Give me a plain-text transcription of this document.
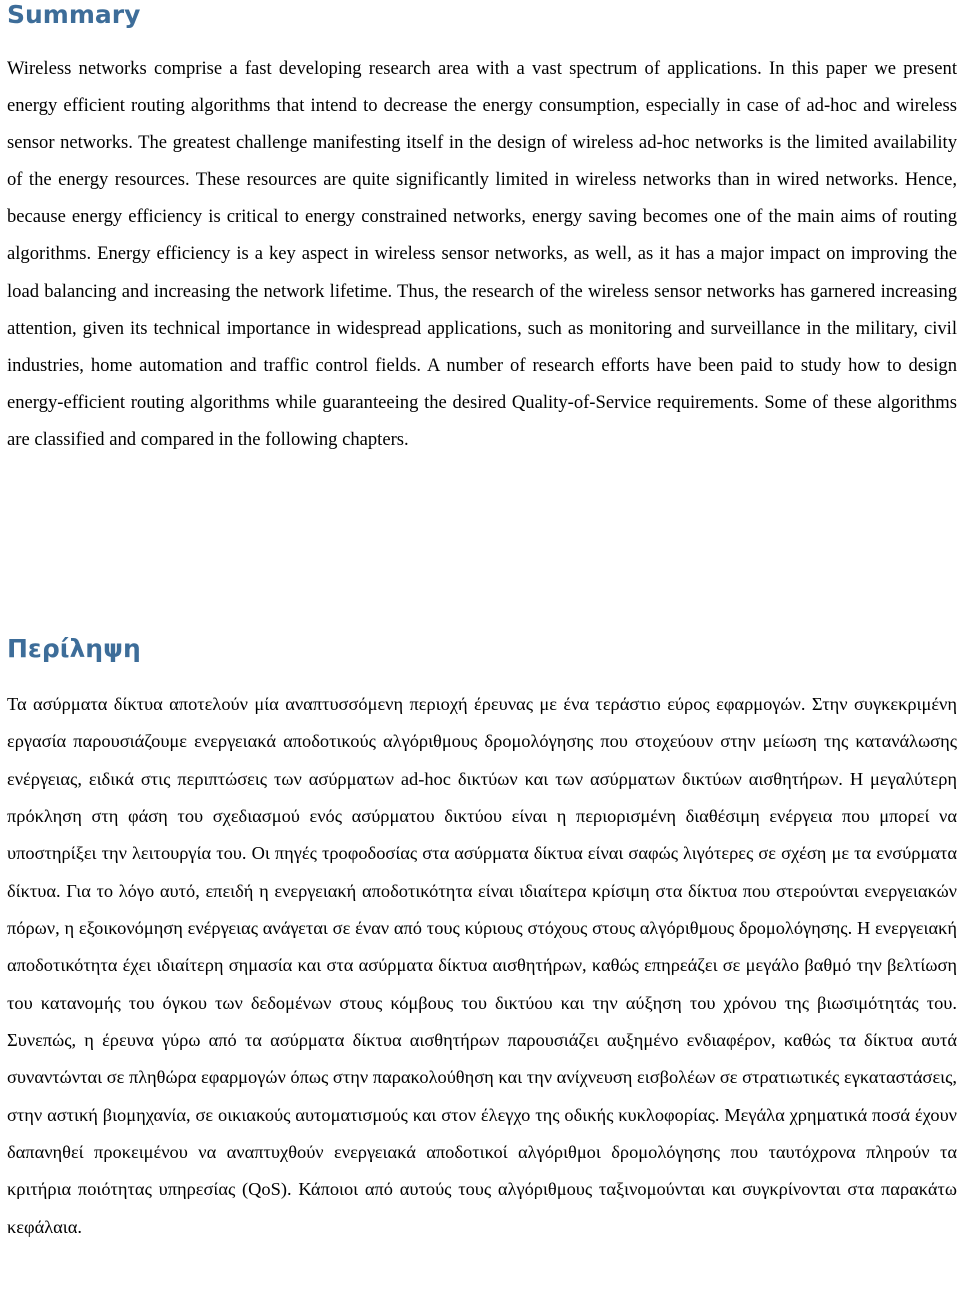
Summary

Wireless networks comprise a fast developing research area with a vast spectrum of applications. In this paper we present energy efficient routing algorithms that intend to decrease the energy consumption, especially in case of ad-hoc and wireless sensor networks. The greatest challenge manifesting itself in the design of wireless ad-hoc networks is the limited availability of the energy resources. These resources are quite significantly limited in wireless networks than in wired networks. Hence, because energy efficiency is critical to energy constrained networks, energy saving becomes one of the main aims of routing algorithms. Energy efficiency is a key aspect in wireless sensor networks, as well, as it has a major impact on improving the load balancing and increasing the network lifetime. Thus, the research of the wireless sensor networks has garnered increasing attention, given its technical importance in widespread applications, such as monitoring and surveillance in the military, civil industries, home automation and traffic control fields. A number of research efforts have been paid to study how to design energy-efficient routing algorithms while guaranteeing the desired Quality-of-Service requirements. Some of these algorithms are classified and compared in the following chapters.

Περίληψη

Τα ασύρματα δίκτυα αποτελούν μία αναπτυσσόμενη περιοχή έρευνας με ένα τεράστιο εύρος εφαρμογών. Στην συγκεκριμένη εργασία παρουσιάζουμε ενεργειακά αποδοτικούς αλγόριθμους δρομολόγησης που στοχεύουν στην μείωση της κατανάλωσης ενέργειας, ειδικά στις περιπτώσεις των ασύρματων ad-hoc δικτύων και των ασύρματων δικτύων αισθητήρων. Η μεγαλύτερη πρόκληση στη φάση του σχεδιασμού ενός ασύρματου δικτύου είναι η περιορισμένη διαθέσιμη ενέργεια που μπορεί να υποστηρίξει την λειτουργία του. Οι πηγές τροφοδοσίας στα ασύρματα δίκτυα είναι σαφώς λιγότερες σε σχέση με τα ενσύρματα δίκτυα. Για το λόγο αυτό, επειδή η ενεργειακή αποδοτικότητα είναι ιδιαίτερα κρίσιμη στα δίκτυα που στερούνται ενεργειακών πόρων, η εξοικονόμηση ενέργειας ανάγεται σε έναν από τους κύριους στόχους στους αλγόριθμους δρομολόγησης. Η ενεργειακή αποδοτικότητα έχει ιδιαίτερη σημασία και στα ασύρματα δίκτυα αισθητήρων, καθώς επηρεάζει σε μεγάλο βαθμό την βελτίωση του κατανομής του όγκου των δεδομένων στους κόμβους του δικτύου και την αύξηση του χρόνου της βιωσιμότητάς του. Συνεπώς, η έρευνα γύρω από τα ασύρματα δίκτυα αισθητήρων παρουσιάζει αυξημένο ενδιαφέρον, καθώς τα δίκτυα αυτά συναντώνται σε πληθώρα εφαρμογών όπως στην παρακολούθηση και την ανίχνευση εισβολέων σε στρατιωτικές εγκαταστάσεις, στην αστική βιομηχανία, σε οικιακούς αυτοματισμούς και στον έλεγχο της οδικής κυκλοφορίας. Μεγάλα χρηματικά ποσά έχουν δαπανηθεί προκειμένου να αναπτυχθούν ενεργειακά αποδοτικοί αλγόριθμοι δρομολόγησης που ταυτόχρονα πληρούν τα κριτήρια ποιότητας υπηρεσίας (QoS). Κάποιοι από αυτούς τους αλγόριθμους ταξινομούνται και συγκρίνονται στα παρακάτω κεφάλαια.
